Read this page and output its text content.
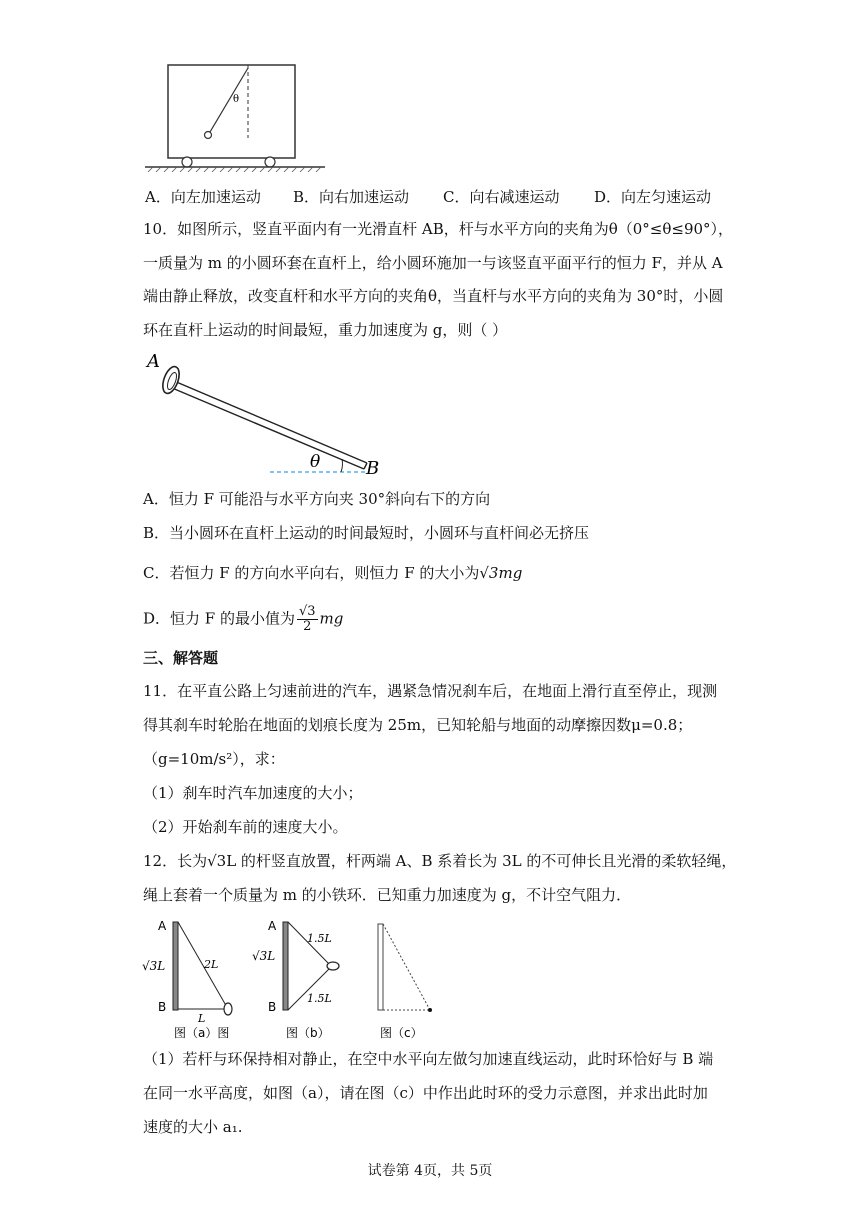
θ
A．向左加速运动 B．向右加速运动 C．向右减速运动 D．向左匀速运动
10．如图所示，竖直平面内有一光滑直杆 AB，杆与水平方向的夹角为θ（0°≤θ≤90°），
一质量为 m 的小圆环套在直杆上，给小圆环施加一与该竖直平面平行的恒力 F，并从 A
端由静止释放，改变直杆和水平方向的夹角θ，当直杆与水平方向的夹角为 30°时，小圆
环在直杆上运动的时间最短，重力加速度为 g，则（ ）
A
B
θ
A．恒力 F 可能沿与水平方向夹 30°斜向右下的方向
B．当小圆环在直杆上运动的时间最短时，小圆环与直杆间必无挤压
C．若恒力 F 的方向水平向右，则恒力 F 的大小为√3mg
D．恒力 F 的最小值为 $\frac{√3}{2}$ mg
三、解答题
11．在平直公路上匀速前进的汽车，遇紧急情况刹车后，在地面上滑行直至停止，现测
得其刹车时轮胎在地面的划痕长度为 25m，已知轮船与地面的动摩擦因数μ=0.8；
（g=10m/s²），求：
（1）刹车时汽车加速度的大小；
（2）开始刹车前的速度大小。
12．长为√3L 的杆竖直放置，杆两端 A、B 系着长为 3L 的不可伸长且光滑的柔软轻绳，
绳上套着一个质量为 m 的小铁环．已知重力加速度为 g，不计空气阻力．
A
B
√3L	2L
L
图（a）图
A
B
√3L
1.5L
1.5L
图（b）	图（c）
（1）若杆与环保持相对静止，在空中水平向左做匀加速直线运动，此时环恰好与 B 端
在同一水平高度，如图（a），请在图（c）中作出此时环的受力示意图，并求出此时加
速度的大小 a₁.
试卷第 4页，共 5页
